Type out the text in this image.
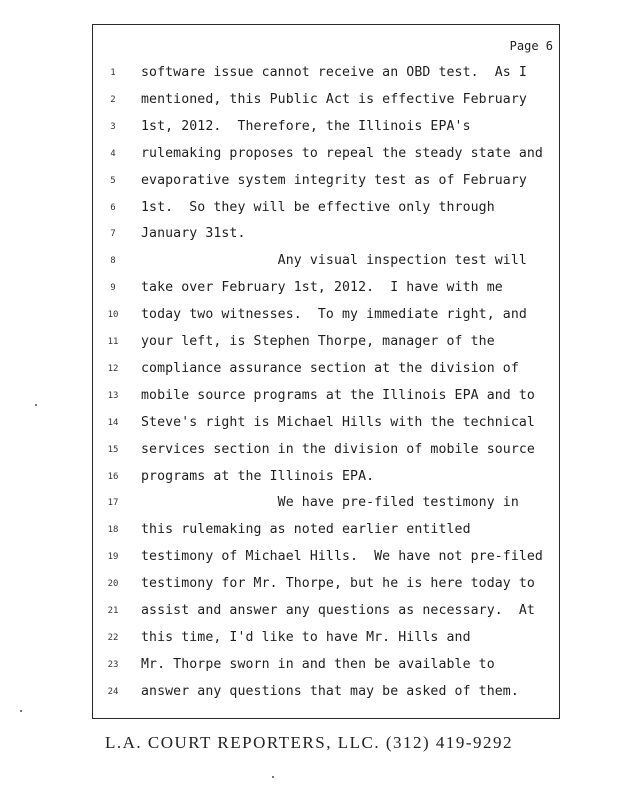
Page 6
1	software issue cannot receive an OBD test.  As I
2	mentioned, this Public Act is effective February
3	1st, 2012.  Therefore, the Illinois EPA's
4	rulemaking proposes to repeal the steady state and
5	evaporative system integrity test as of February
6	1st.  So they will be effective only through
7	January 31st.
8	Any visual inspection test will
9	take over February 1st, 2012.  I have with me
10	today two witnesses.  To my immediate right, and
11	your left, is Stephen Thorpe, manager of the
12	compliance assurance section at the division of
13	mobile source programs at the Illinois EPA and to
14	Steve's right is Michael Hills with the technical
15	services section in the division of mobile source
16	programs at the Illinois EPA.
17	We have pre-filed testimony in
18	this rulemaking as noted earlier entitled
19	testimony of Michael Hills.  We have not pre-filed
20	testimony for Mr. Thorpe, but he is here today to
21	assist and answer any questions as necessary.  At
22	this time, I'd like to have Mr. Hills and
23	Mr. Thorpe sworn in and then be available to
24	answer any questions that may be asked of them.
L.A. COURT REPORTERS, LLC. (312) 419-9292
